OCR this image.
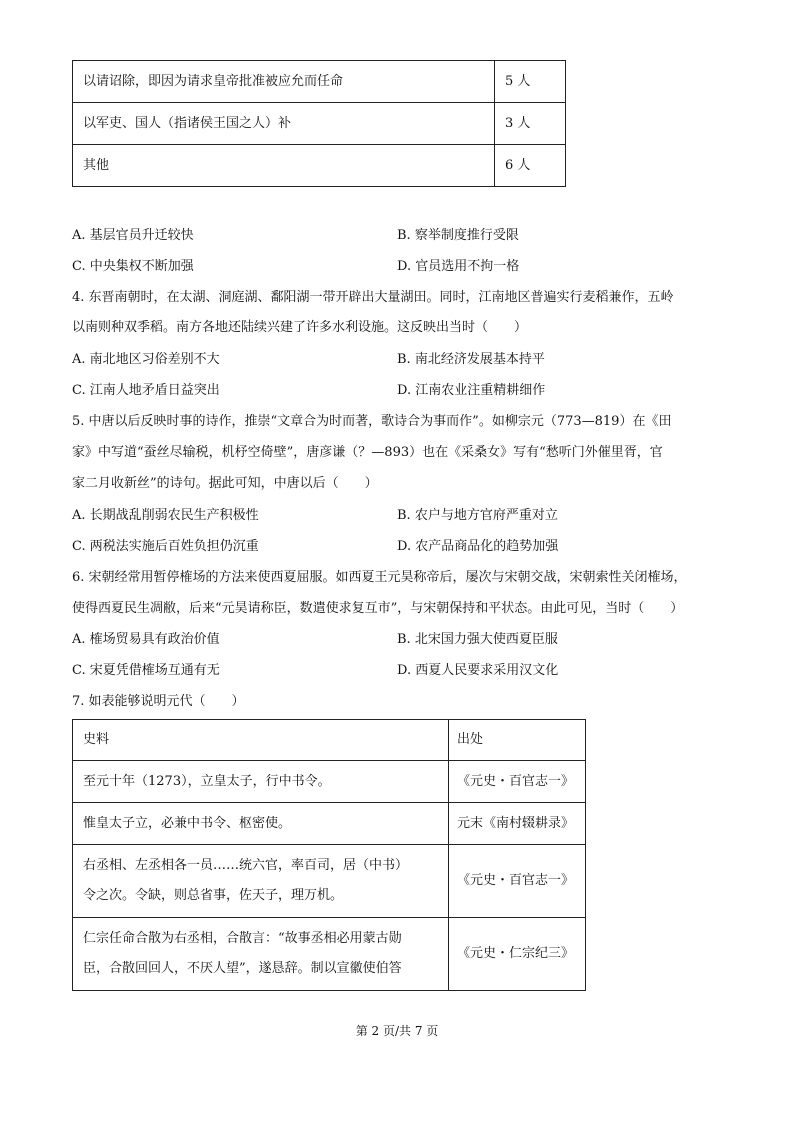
以请诏除，即因为请求皇帝批准被应允而任命	5 人
以军吏、国人（指诸侯王国之人）补	3 人
其他	6 人
A. 基层官员升迁较快	B. 察举制度推行受限
C. 中央集权不断加强	D. 官员选用不拘一格
4. 东晋南朝时，在太湖、洞庭湖、鄱阳湖一带开辟出大量湖田。同时，江南地区普遍实行麦稻兼作，五岭
以南则种双季稻。南方各地还陆续兴建了许多水利设施。这反映出当时（　　）
A. 南北地区习俗差别不大	B. 南北经济发展基本持平
C. 江南人地矛盾日益突出	D. 江南农业注重精耕细作
5. 中唐以后反映时事的诗作，推崇“文章合为时而著，歌诗合为事而作”。如柳宗元（773—819）在《田
家》中写道“蚕丝尽输税，机杼空倚壁”，唐彦谦（？—893）也在《采桑女》写有“愁听门外催里胥，官
家二月收新丝”的诗句。据此可知，中唐以后（　　）
A. 长期战乱削弱农民生产积极性	B. 农户与地方官府严重对立
C. 两税法实施后百姓负担仍沉重	D. 农产品商品化的趋势加强
6. 宋朝经常用暂停榷场的方法来使西夏屈服。如西夏王元昊称帝后，屡次与宋朝交战，宋朝索性关闭榷场，
使得西夏民生凋敝，后来“元昊请称臣，数遣使求复互市”，与宋朝保持和平状态。由此可见，当时（　　）
A. 榷场贸易具有政治价值	B. 北宋国力强大使西夏臣服
C. 宋夏凭借榷场互通有无	D. 西夏人民要求采用汉文化
7. 如表能够说明元代（　　）
史料	出处
至元十年（1273），立皇太子，行中书令。	《元史・百官志一》
惟皇太子立，必兼中书令、枢密使。	元末《南村辍耕录》

右丞相、左丞相各一员……统六官，率百司，居（中书）
令之次。令缺，则总省事，佐天子，理万机。	《元史・百官志一》

仁宗任命合散为右丞相，合散言：“故事丞相必用蒙古勋
臣，合散回回人，不厌人望”，遂恳辞。制以宣徽使伯答	《元史・仁宗纪三》
第 2 页/共 7 页
